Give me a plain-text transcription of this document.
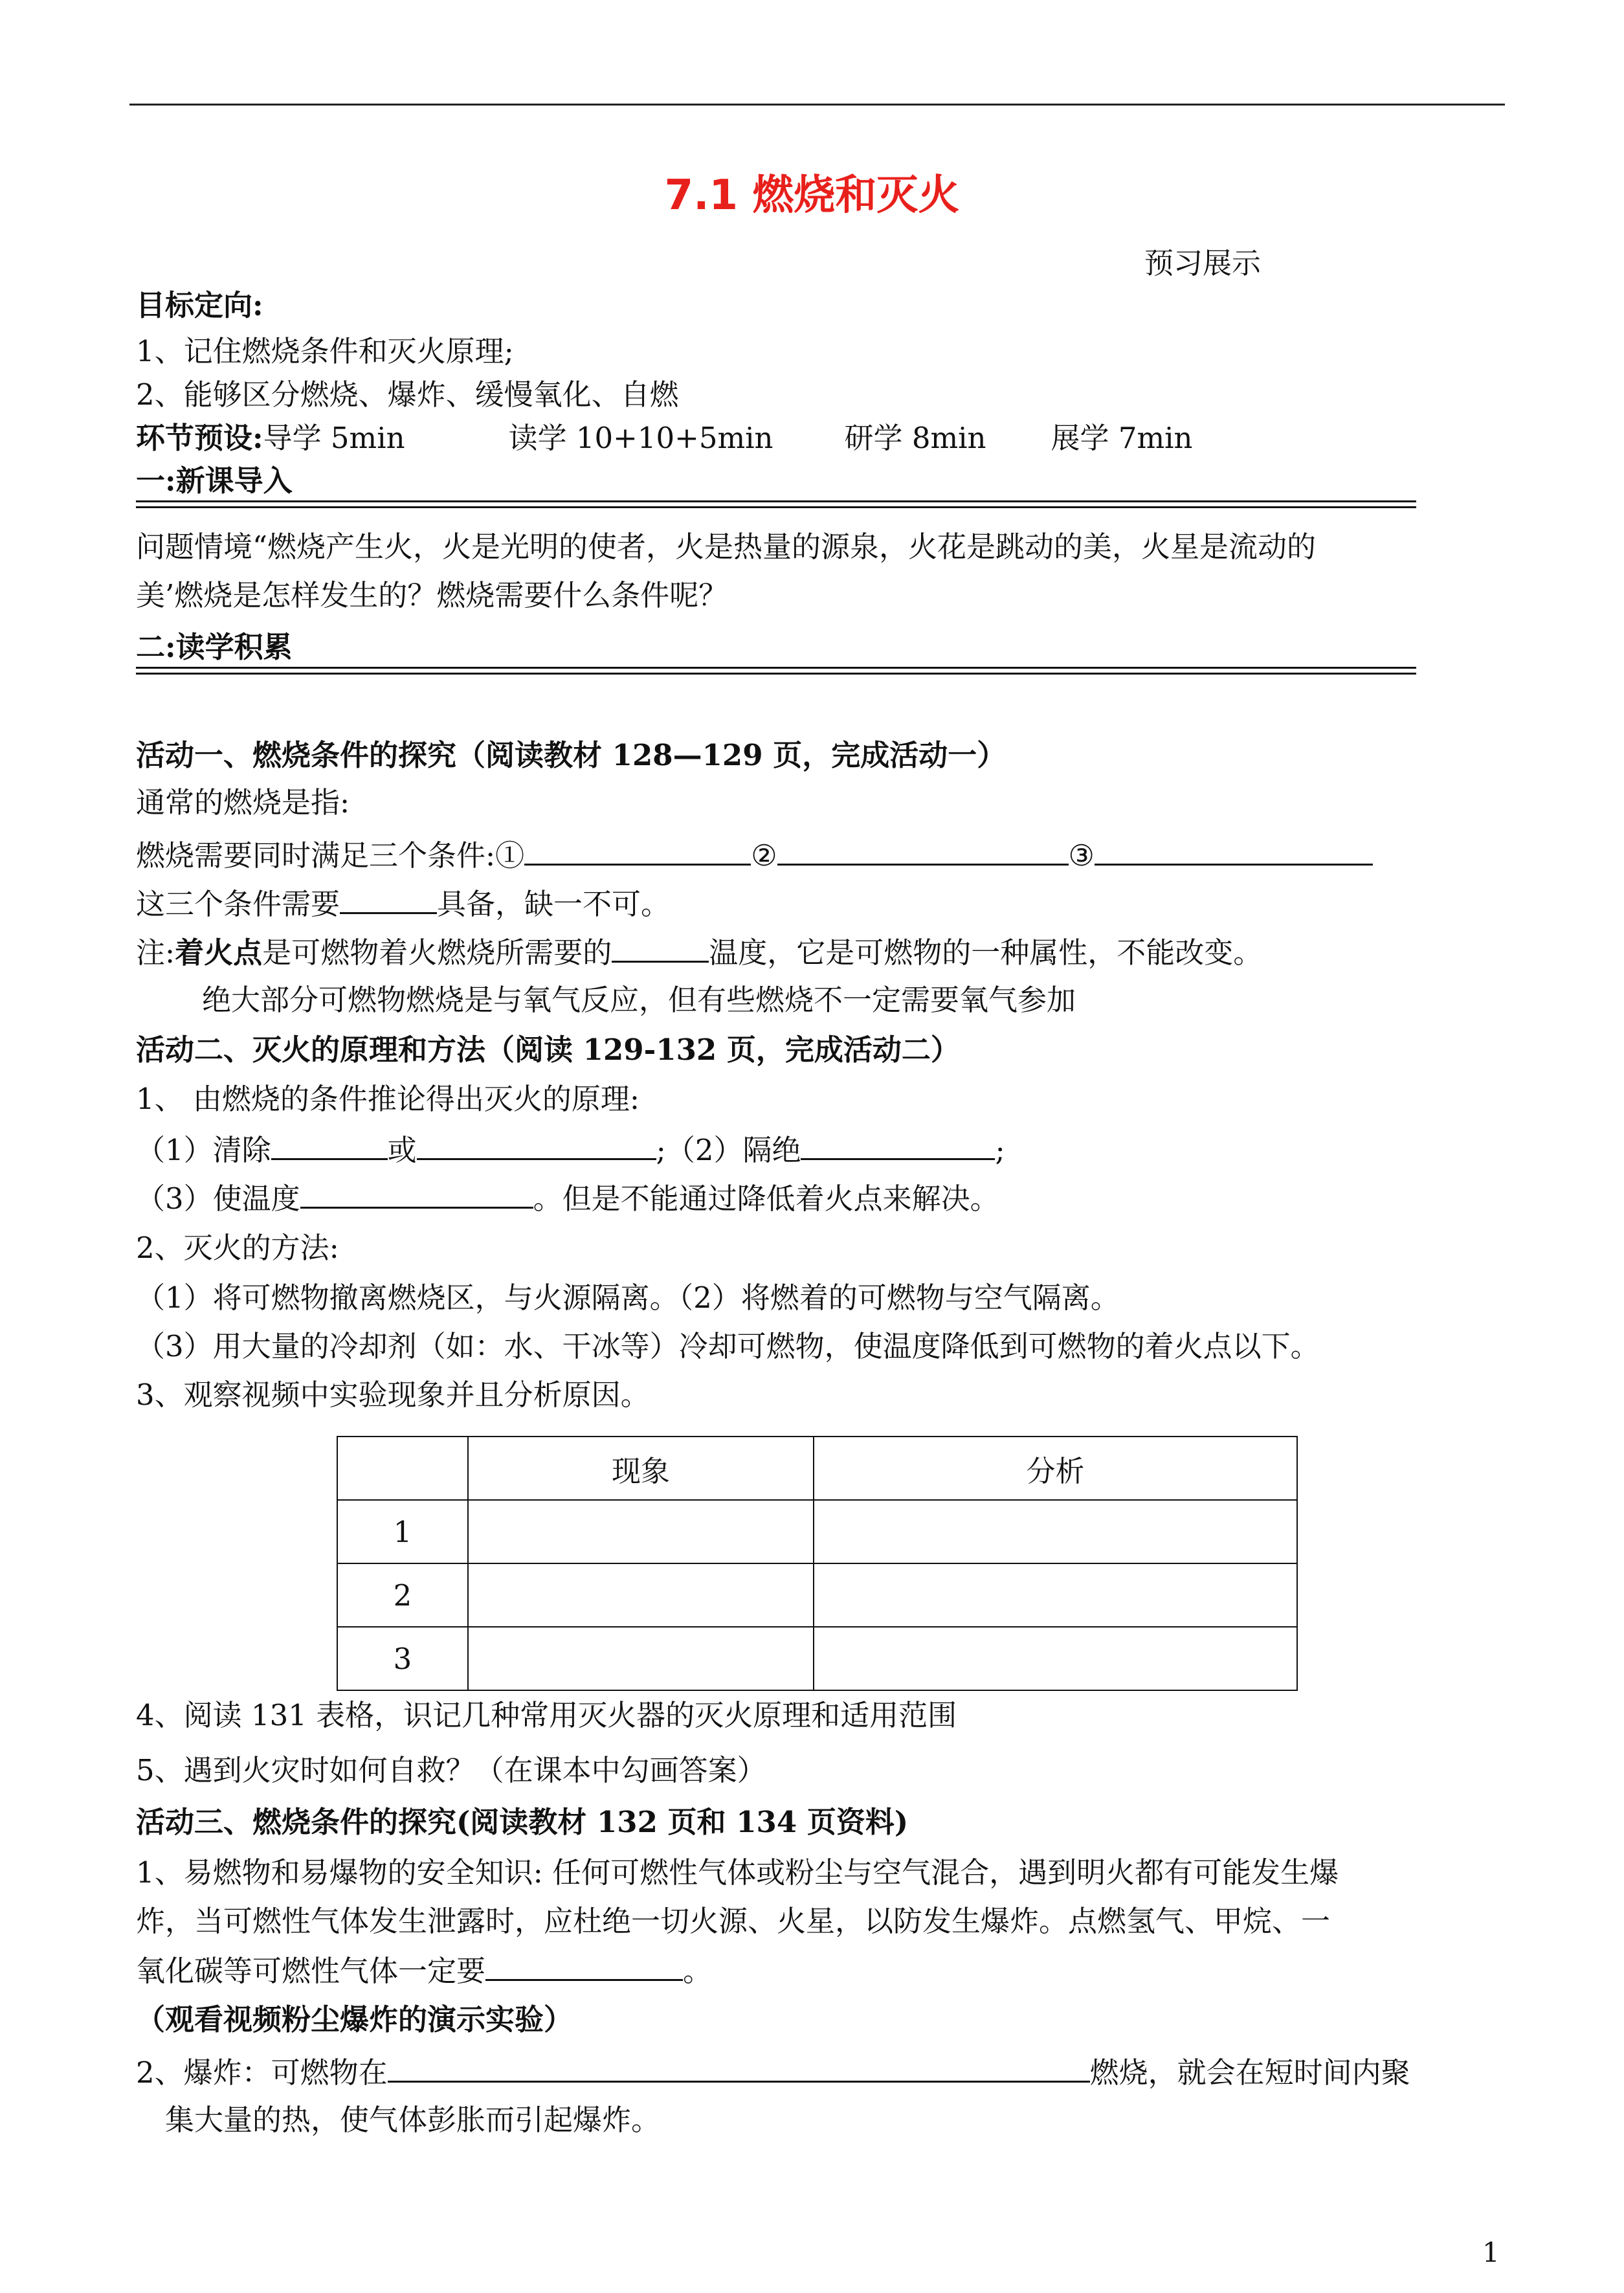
7.1 燃烧和灭火
预习展示
目标定向:
1、记住燃烧条件和灭火原理;
2、能够区分燃烧、爆炸、缓慢氧化、自燃
环节预设:导学 5min	读学 10+10+5min 研学 8min 展学 7min
一:新课导入
问题情境“燃烧产生火，火是光明的使者，火是热量的源泉，火花是跳动的美，火星是流动的
美’燃烧是怎样发生的？燃烧需要什么条件呢？
二:读学积累
活动一、燃烧条件的探究（阅读教材 128—129 页，完成活动一）
通常的燃烧是指:
燃烧需要同时满足三个条件:①	②	③
这三个条件需要	具备，缺一不可。
注:着火点是可燃物着火燃烧所需要的	温度，它是可燃物的一种属性，不能改变。
绝大部分可燃物燃烧是与氧气反应，但有些燃烧不一定需要氧气参加
活动二、灭火的原理和方法（阅读 129-132 页，完成活动二）
1、 由燃烧的条件推论得出灭火的原理:
（1）清除	或	;（2）隔绝	;
（3）使温度	。但是不能通过降低着火点来解决。
2、灭火的方法:
（1）将可燃物撤离燃烧区，与火源隔离。（2）将燃着的可燃物与空气隔离。
（3）用大量的冷却剂（如：水、干冰等）冷却可燃物，使温度降低到可燃物的着火点以下。
3、观察视频中实验现象并且分析原因。
	现象	分析
1		
2		
3		
4、阅读 131 表格，识记几种常用灭火器的灭火原理和适用范围
5、遇到火灾时如何自救？（在课本中勾画答案）
活动三、燃烧条件的探究(阅读教材 132 页和 134 页资料)
1、易燃物和易爆物的安全知识: 任何可燃性气体或粉尘与空气混合，遇到明火都有可能发生爆
炸，当可燃性气体发生泄露时，应杜绝一切火源、火星，以防发生爆炸。点燃氢气、甲烷、一
氧化碳等可燃性气体一定要	。
（观看视频粉尘爆炸的演示实验）
2、爆炸：可燃物在	燃烧，就会在短时间内聚
集大量的热，使气体彭胀而引起爆炸。
1
